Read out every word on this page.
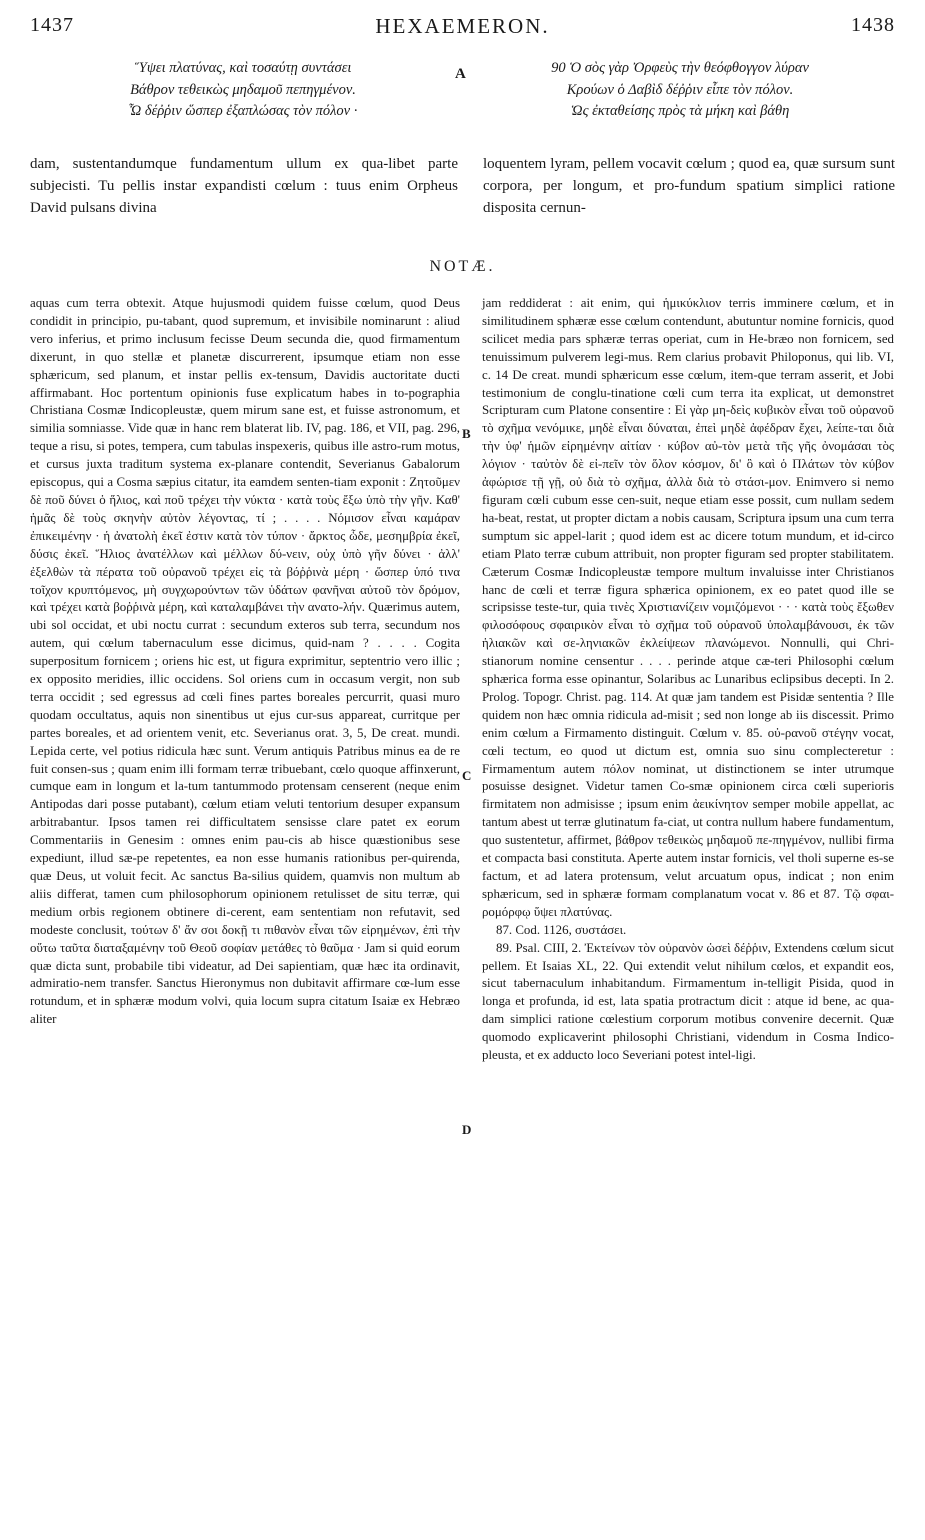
1437	HEXAEMERON.	1438
Ὕψει πλατύνας, καὶ τοσαύτῃ συντάσει
Βάθρον τεθεικὼς μηδαμοῦ πεπηγμένον.
Ὦ δέῤῥιν ὥσπερ ἐξαπλώσας τὸν πόλον ·
A	90 Ὁ σὸς γὰρ Ὀρφεὺς τὴν θεόφθογγον λύραν
Κρούων ὁ Δαβὶδ δέῤῥιν εἶπε τὸν πόλον.
Ὡς ἐκταθείσης πρὸς τὰ μήκη καὶ βάθη
dam, sustentandumque fundamentum ullum ex qua-libet parte subjecisti. Tu pellis instar expandisti cœlum : tuus enim Orpheus David pulsans divina
loquentem lyram, pellem vocavit cœlum ; quod ea, quæ sursum sunt corpora, per longum, et pro-fundum spatium simplici ratione disposita cernun-
NOTÆ.

aquas cum terra obtexit. Atque hujusmodi quidem fuisse cœlum, quod Deus condidit in principio, pu-tabant, quod supremum, et invisibile nominarunt : aliud vero inferius, et primo inclusum fecisse Deum secunda die, quod firmamentum dixerunt, in quo stellæ et planetæ discurrerent, ipsumque etiam non esse sphæricum, sed planum, et instar pellis ex-tensum, Davidis auctoritate ducti affirmabant. Hoc portentum opinionis fuse explicatum habes in to-pographia Christiana Cosmæ Indicopleustæ, quem mirum sane est, et fuisse astronomum, et similia somniasse. Vide quæ in hanc rem blaterat lib. IV, pag. 186, et VII, pag. 296, teque a risu, si potes, tempera, cum tabulas inspexeris, quibus ille astro-rum motus, et cursus juxta traditum systema ex-planare contendit, Severianus Gabalorum episcopus, qui a Cosma sæpius citatur, ita eamdem senten-tiam exponit : Ζητοῦμεν δὲ ποῦ δύνει ὁ ἥλιος, καὶ ποῦ τρέχει τὴν νύκτα · κατὰ τοὺς ἔξω ὑπὸ τὴν γῆν. Καθ' ἡμᾶς δὲ τοὺς σκηνὴν αὐτὸν λέγοντας, τί ; . . . . Νόμισον εἶναι καμάραν ἐπικειμένην · ἡ ἀνατολὴ ἐκεῖ ἐστιν κατὰ τὸν τύπον · ἄρκτος ὧδε, μεσημβρία ἐκεῖ, δύσις ἐκεῖ. Ἥλιος ἀνατέλλων καὶ μέλλων δύ-νειν, οὐχ ὑπὸ γῆν δύνει · ἀλλ' ἐξελθὼν τὰ πέρατα τοῦ οὐρανοῦ τρέχει εἰς τὰ βόῤῥινὰ μέρη · ὥσπερ ὑπό τινα τοῖχον κρυπτόμενος, μὴ συγχωρούντων τῶν ὑδάτων φανῆναι αὐτοῦ τὸν δρόμον, καὶ τρέχει κατὰ βοῤῥινὰ μέρη, καὶ καταλαμβάνει τὴν ανατο-λήν. Quærimus autem, ubi sol occidat, et ubi noctu currat : secundum exteros sub terra, secundum nos autem, qui cœlum tabernaculum esse dicimus, quid-nam ? . . . . Cogita superpositum fornicem ; oriens hic est, ut figura exprimitur, septentrio vero illic ; ex opposito meridies, illic occidens. Sol oriens cum in occasum vergit, non sub terra occidit ; sed egressus ad cœli fines partes boreales percurrit, quasi muro quodam occultatus, aquis non sinentibus ut ejus cur-sus appareat, curritque per partes boreales, et ad orientem venit, etc. Severianus orat. 3, 5, De creat. mundi. Lepida certe, vel potius ridicula hæc sunt. Verum antiquis Patribus minus ea de re fuit consen-sus ; quam enim illi formam terræ tribuebant, cœlo quoque affinxerunt, cumque eam in longum et la-tum tantummodo protensam censerent (neque enim Antipodas dari posse putabant), cœlum etiam veluti tentorium desuper expansum arbitrabantur. Ipsos tamen rei difficultatem sensisse clare patet ex eorum Commentariis in Genesim : omnes enim pau-cis ab hisce quæstionibus sese expediunt, illud sæ-pe repetentes, ea non esse humanis rationibus per-quirenda, quæ Deus, ut voluit fecit. Ac sanctus Ba-silius quidem, quamvis non multum ab aliis differat, tamen cum philosophorum opinionem retulisset de situ terræ, qui medium orbis regionem obtinere di-cerent, eam sententiam non refutavit, sed modeste conclusit, τούτων δ' ἄν σοι δοκῇ τι πιθανὸν εἶναι τῶν εἰρημένων, ἐπὶ τὴν οὕτω ταῦτα διαταξαμένην τοῦ Θεοῦ σοφίαν μετάθες τὸ θαῦμα · Jam si quid eorum quæ dicta sunt, probabile tibi videatur, ad Dei sapientiam, quæ hæc ita ordinavit, admiratio-nem transfer. Sanctus Hieronymus non dubitavit affirmare cœ-lum esse rotundum, et in sphæræ modum volvi, quia locum supra citatum Isaiæ ex Hebræo aliter

B
C
D

jam reddiderat : ait enim, qui ἡμικύκλιον terris imminere cœlum, et in similitudinem sphæræ esse cœlum contendunt, abutuntur nomine fornicis, quod scilicet media pars sphæræ terras operiat, cum in He-bræo non fornicem, sed tenuissimum pulverem legi-mus. Rem clarius probavit Philoponus, qui lib. VI, c. 14 De creat. mundi sphæricum esse cœlum, item-que terram asserit, et Jobi testimonium de conglu-tinatione cœli cum terra ita explicat, ut demonstret Scripturam cum Platone consentire : Εἰ γὰρ μη-δεὶς κυβικὸν εἶναι τοῦ οὐρανοῦ τὸ σχῆμα νενόμικε, μηδὲ εἶναι δύναται, ἐπεὶ μηδὲ ἀφέδραν ἔχει, λείπε-ται διὰ τὴν ὑφ' ἡμῶν εἰρημένην αἰτίαν · κύβον αὐ-τὸν μετὰ τῆς γῆς ὀνομάσαι τὸς λόγιον · ταὐτὸν δὲ εἰ-πεῖν τὸν ὅλον κόσμον, δι' ὃ καὶ ὁ Πλάτων τὸν κύβον ἀφώρισε τῇ γῇ, οὐ διὰ τὸ σχῆμα, ἀλλὰ διὰ τὸ στάσι-μον. Enimvero si nemo figuram cœli cubum esse cen-suit, neque etiam esse possit, cum nullam sedem ha-beat, restat, ut propter dictam a nobis causam, Scriptura ipsum una cum terra sumptum sic appel-larit ; quod idem est ac dicere totum mundum, et id-circo etiam Plato terræ cubum attribuit, non propter figuram sed propter stabilitatem. Cæterum Cosmæ Indicopleustæ tempore multum invaluisse inter Christianos hanc de cœli et terræ figura sphærica opinionem, ex eo patet quod ille se scripsisse teste-tur, quia τινὲς Χριστιανίζειν νομιζόμενοι · · · κατὰ τοὺς ἔξωθεν φιλοσόφους σφαιρικὸν εἶναι τὸ σχῆμα τοῦ οὐρανοῦ ὑπολαμβάνουσι, ἐκ τῶν ἡλιακῶν καὶ σε-ληνιακῶν ἐκλείψεων πλανώμενοι. Nonnulli, qui Chri-stianorum nomine censentur . . . . perinde atque cæ-teri Philosophi cœlum sphærica forma esse opinantur, Solaribus ac Lunaribus eclipsibus decepti. In 2. Prolog. Topogr. Christ. pag. 114. At quæ jam tandem est Pisidæ sententia ? Ille quidem non hæc omnia ridicula ad-misit ; sed non longe ab iis discessit. Primo enim cœlum a Firmamento distinguit. Cœlum v. 85. οὐ-ρανοῦ στέγην vocat, cœli tectum, eo quod ut dictum est, omnia suo sinu complecteretur : Firmamentum autem πόλον nominat, ut distinctionem se inter utrumque posuisse designet. Videtur tamen Co-smæ opinionem circa cœli superioris firmitatem non admisisse ; ipsum enim ἀεικίνητον semper mobile appellat, ac tantum abest ut terræ glutinatum fa-ciat, ut contra nullum habere fundamentum, quo sustentetur, affirmet, βάθρον τεθεικὼς μηδαμοῦ πε-πηγμένον, nullibi firma et compacta basi constituta. Aperte autem instar fornicis, vel tholi superne es-se factum, et ad latera protensum, velut arcuatum opus, indicat ; non enim sphæricum, sed in sphæræ formam complanatum vocat v. 86 et 87. Τῷ σφαι-ρομόρφῳ ὕψει πλατύνας.

87. Cod. 1126, συστάσει.

89. Psal. CIII, 2. Ἐκτείνων τὸν οὐρανὸν ὡσεὶ δέῤῥιν, Extendens cœlum sicut pellem. Et Isaias XL, 22. Qui extendit velut nihilum cœlos, et expandit eos, sicut tabernaculum inhabitandum. Firmamentum in-telligit Pisida, quod in longa et profunda, id est, lata spatia protractum dicit : atque id bene, ac qua-dam simplici ratione cœlestium corporum motibus convenire decernit. Quæ quomodo explicaverint philosophi Christiani, videndum in Cosma Indico-pleusta, et ex adducto loco Severiani potest intel-ligi.
